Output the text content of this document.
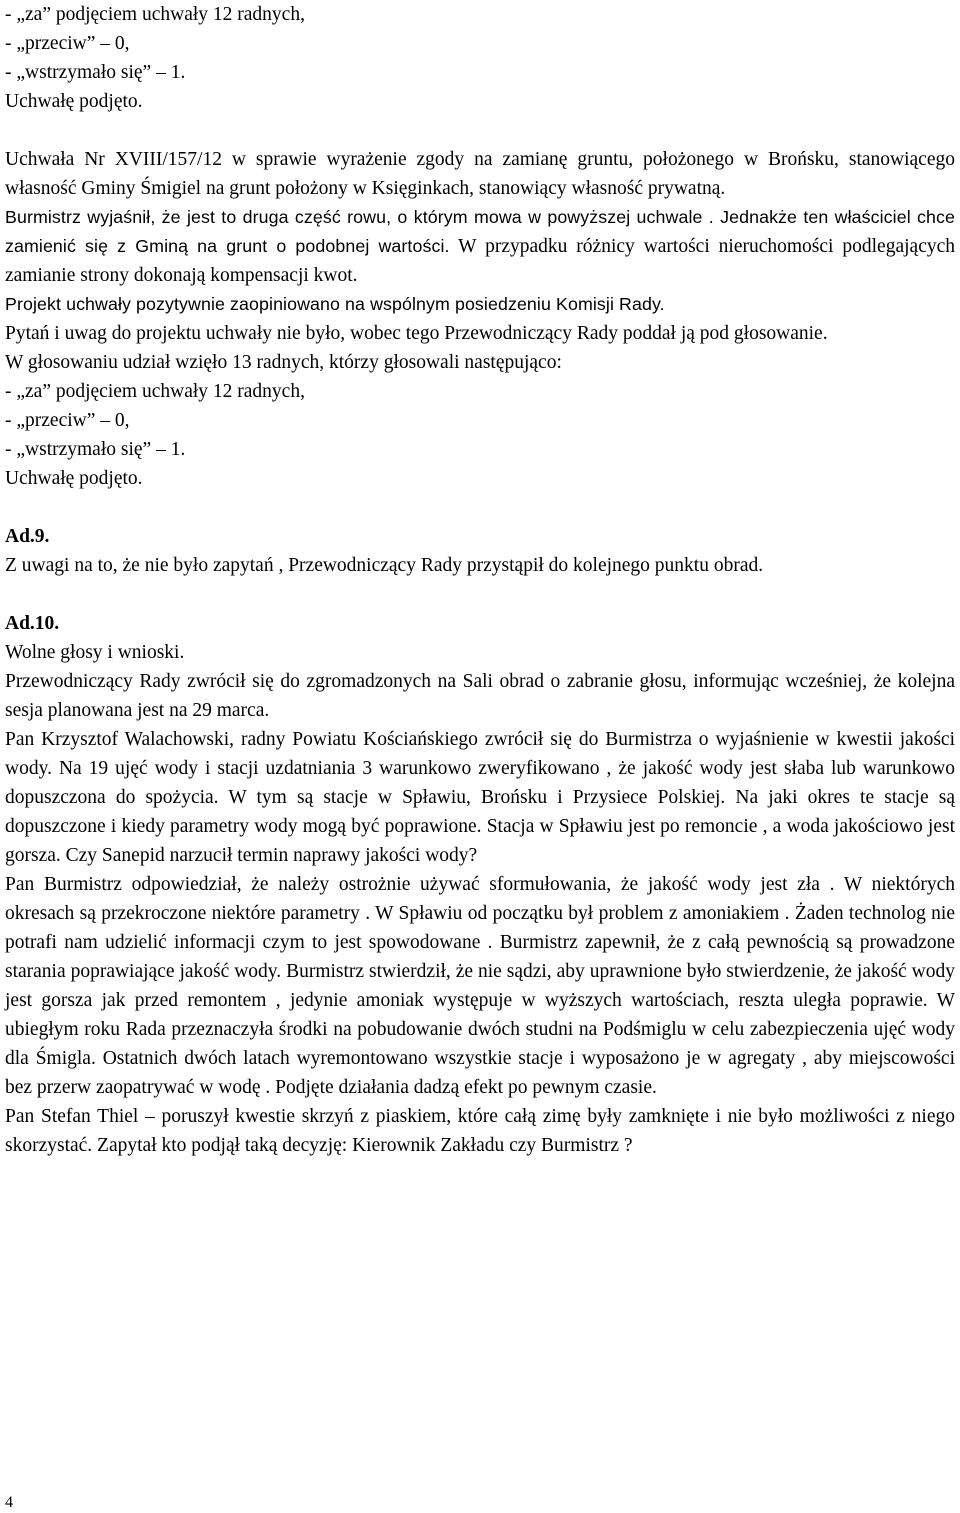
- „za” podjęciem uchwały 12 radnych,

- „przeciw” – 0,

- „wstrzymało się” – 1.

Uchwałę podjęto.

Uchwała Nr XVIII/157/12 w sprawie wyrażenie zgody na zamianę gruntu, położonego w Brońsku, stanowiącego własność Gminy Śmigiel na grunt położony w Księginkach, stanowiący własność prywatną.

Burmistrz wyjaśnił, że jest to druga część rowu, o którym mowa w powyższej uchwale . Jednakże ten właściciel chce zamienić się z Gminą na grunt o podobnej wartości. W przypadku różnicy wartości nieruchomości podlegających zamianie strony dokonają kompensacji kwot.

Projekt uchwały pozytywnie zaopiniowano na wspólnym posiedzeniu Komisji Rady.

Pytań i uwag do projektu uchwały nie było, wobec tego Przewodniczący Rady poddał ją pod głosowanie.

W głosowaniu udział wzięło 13 radnych, którzy głosowali następująco:

- „za” podjęciem uchwały 12 radnych,

- „przeciw” – 0,

- „wstrzymało się” – 1.

Uchwałę podjęto.

Ad.9.

Z uwagi na to, że nie było zapytań , Przewodniczący Rady przystąpił do kolejnego punktu obrad.

Ad.10.

Wolne głosy i wnioski.

Przewodniczący Rady zwrócił się do zgromadzonych na Sali obrad o zabranie głosu, informując wcześniej, że kolejna sesja planowana jest na 29 marca.

Pan Krzysztof Walachowski, radny Powiatu Kościańskiego zwrócił się do Burmistrza o wyjaśnienie w kwestii jakości wody. Na 19 ujęć wody i stacji uzdatniania 3 warunkowo zweryfikowano , że jakość wody jest słaba lub warunkowo dopuszczona do spożycia. W tym są stacje w Spławiu, Brońsku i Przysiece Polskiej. Na jaki okres te stacje są dopuszczone i kiedy parametry wody mogą być poprawione. Stacja w Spławiu jest po remoncie , a woda jakościowo jest gorsza. Czy Sanepid narzucił termin naprawy jakości wody?

Pan Burmistrz odpowiedział, że należy ostrożnie używać sformułowania, że jakość wody jest zła . W niektórych okresach są przekroczone niektóre parametry . W Spławiu od początku był problem z amoniakiem . Żaden technolog nie potrafi nam udzielić informacji czym to jest spowodowane . Burmistrz zapewnił, że z całą pewnością są prowadzone starania poprawiające jakość wody. Burmistrz stwierdził, że nie sądzi, aby uprawnione było stwierdzenie, że jakość wody jest gorsza jak przed remontem , jedynie amoniak występuje w wyższych wartościach, reszta uległa poprawie. W ubiegłym roku Rada przeznaczyła środki na pobudowanie dwóch studni na Podśmiglu w celu zabezpieczenia ujęć wody dla Śmigla. Ostatnich dwóch latach wyremontowano wszystkie stacje i wyposażono je w agregaty , aby miejscowości bez przerw zaopatrywać w wodę . Podjęte działania dadzą efekt po pewnym czasie.

Pan Stefan Thiel – poruszył kwestie skrzyń z piaskiem, które całą zimę były zamknięte i nie było możliwości z niego skorzystać. Zapytał kto podjął taką decyzję: Kierownik Zakładu czy Burmistrz ?

4
